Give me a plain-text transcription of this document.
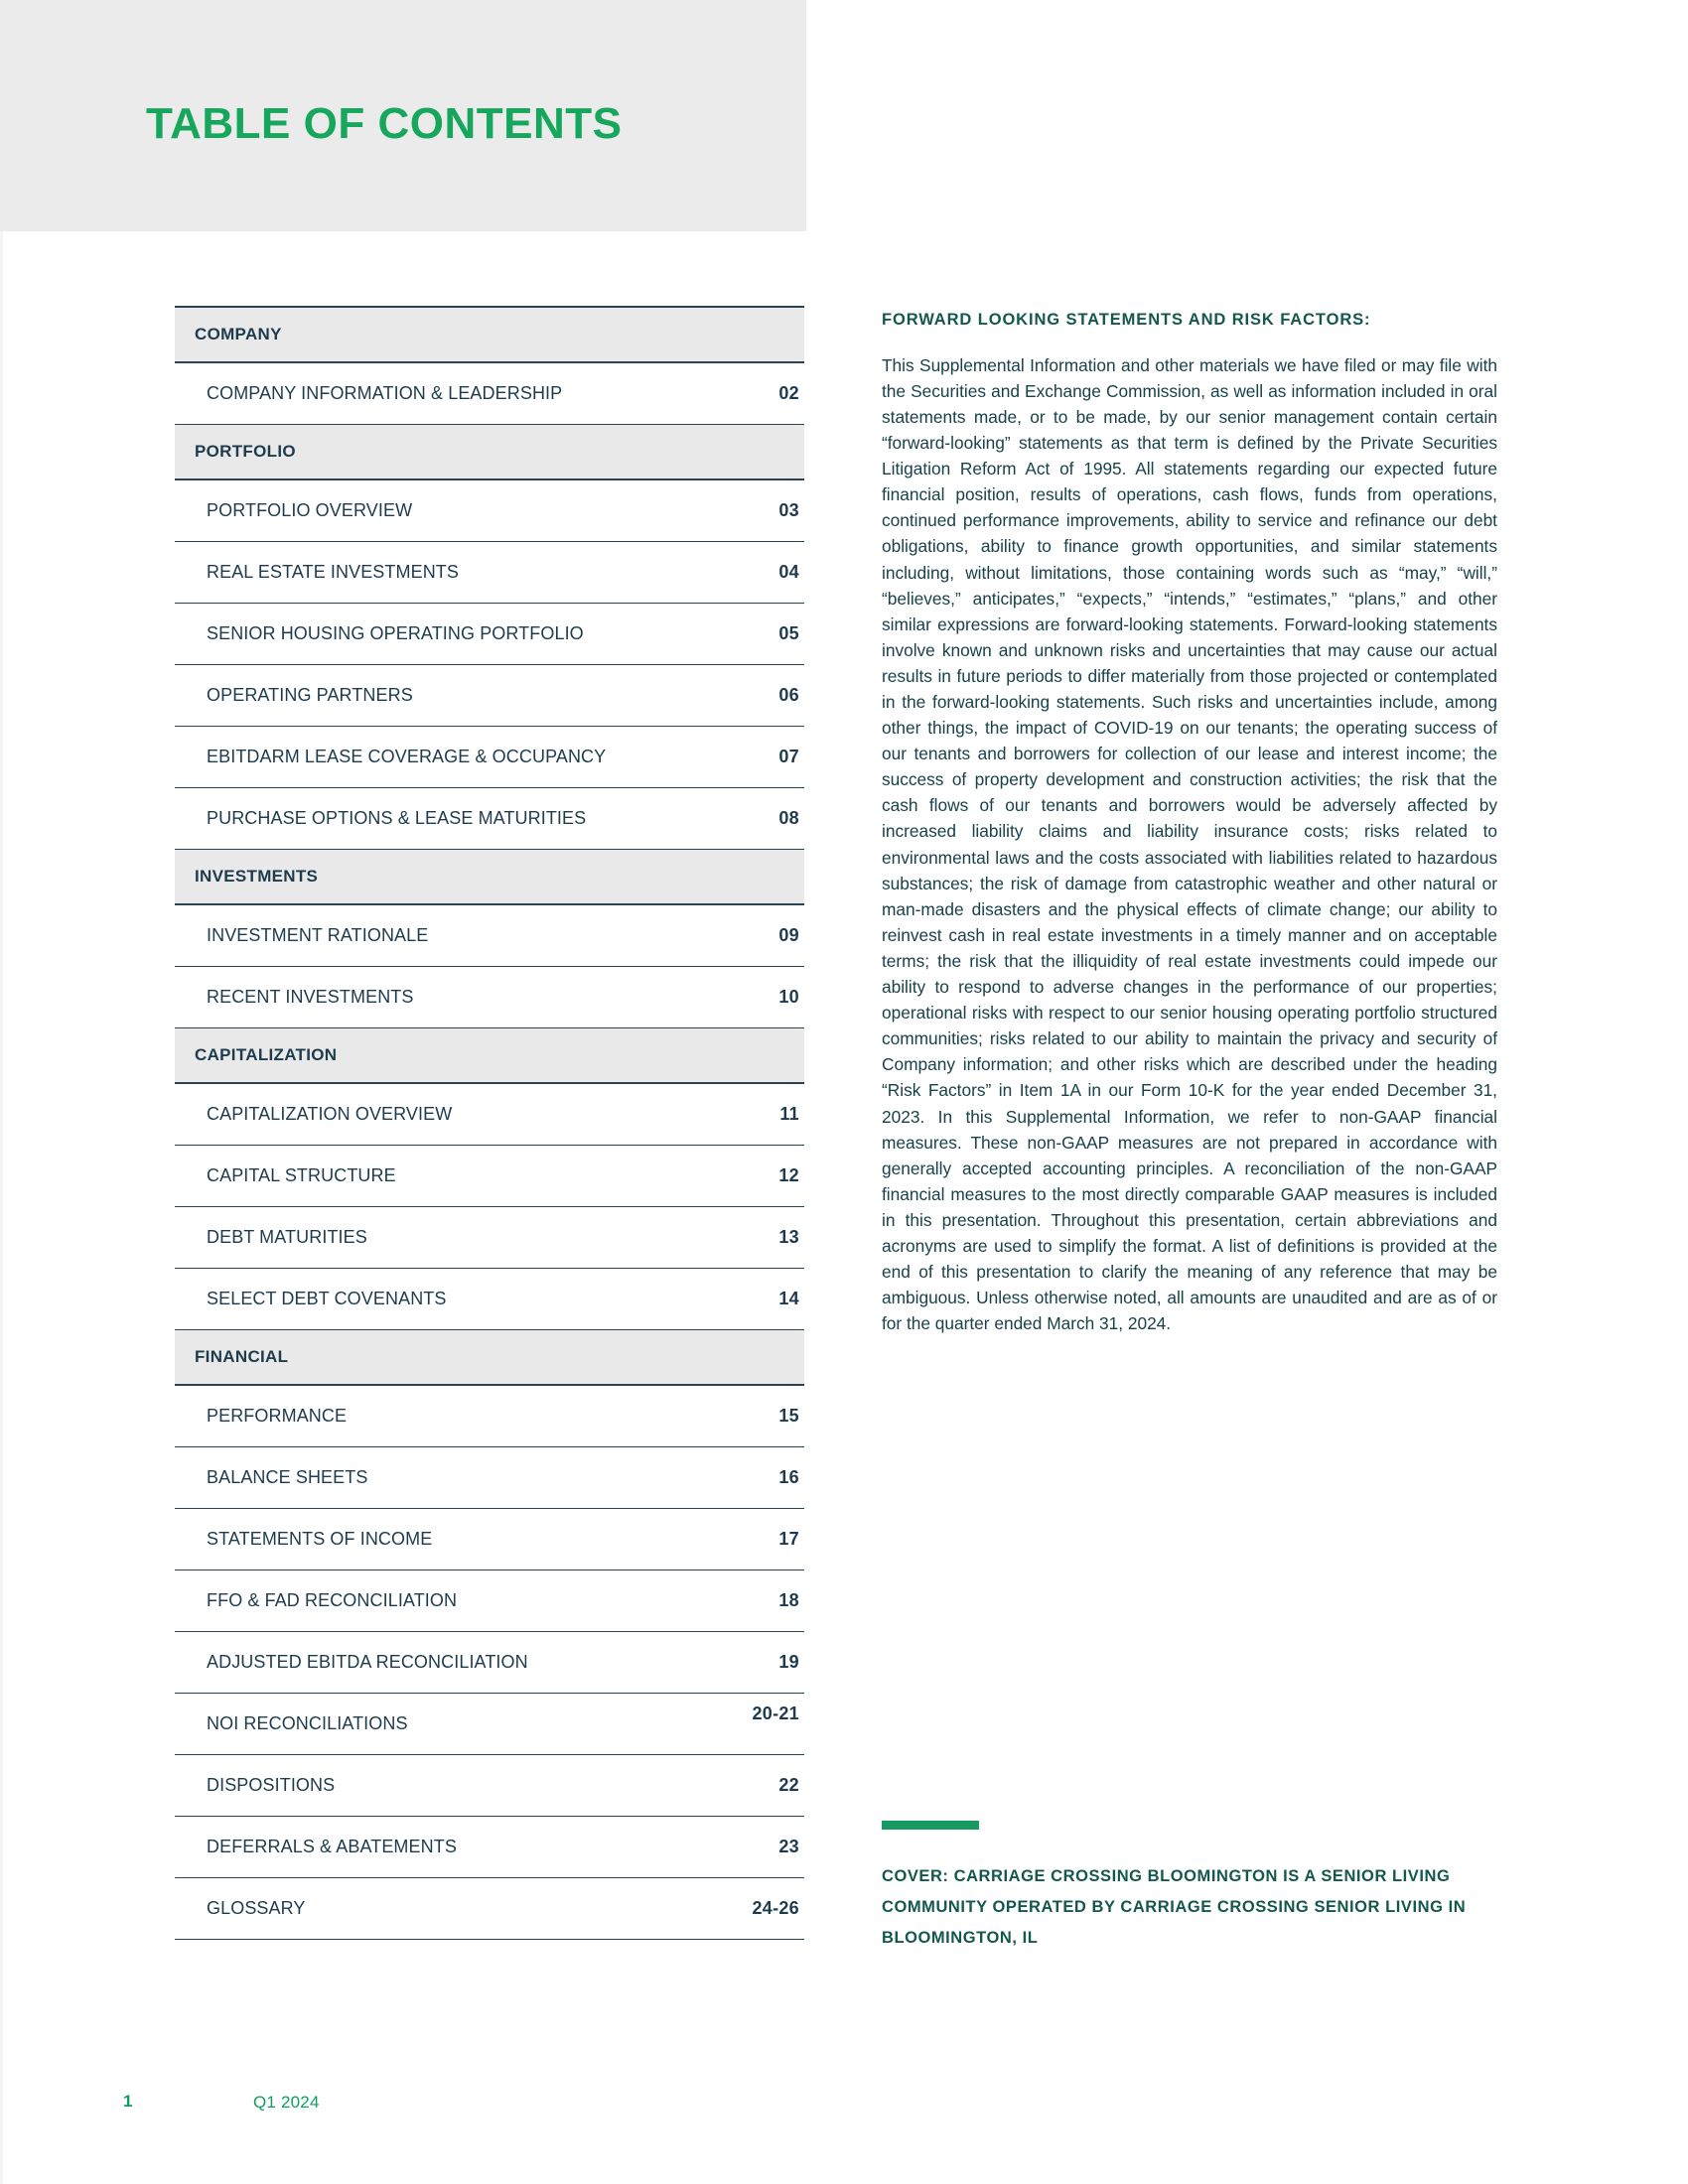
TABLE OF CONTENTS
COMPANY
COMPANY INFORMATION & LEADERSHIP	02
PORTFOLIO
PORTFOLIO OVERVIEW	03
REAL ESTATE INVESTMENTS	04
SENIOR HOUSING OPERATING PORTFOLIO	05
OPERATING PARTNERS	06
EBITDARM LEASE COVERAGE & OCCUPANCY	07
PURCHASE OPTIONS & LEASE MATURITIES	08
INVESTMENTS
INVESTMENT RATIONALE	09
RECENT INVESTMENTS	10
CAPITALIZATION
CAPITALIZATION OVERVIEW	11
CAPITAL STRUCTURE	12
DEBT MATURITIES	13
SELECT DEBT COVENANTS	14
FINANCIAL
PERFORMANCE	15
BALANCE SHEETS	16
STATEMENTS OF INCOME	17
FFO & FAD RECONCILIATION	18
ADJUSTED EBITDA RECONCILIATION	19
NOI RECONCILIATIONS	20-21
DISPOSITIONS	22
DEFERRALS & ABATEMENTS	23
GLOSSARY	24-26
FORWARD LOOKING STATEMENTS AND RISK FACTORS:

This Supplemental Information and other materials we have filed or may file with the Securities and Exchange Commission, as well as information included in oral statements made, or to be made, by our senior management contain certain “forward-looking” statements as that term is defined by the Private Securities Litigation Reform Act of 1995. All statements regarding our expected future financial position, results of operations, cash flows, funds from operations, continued performance improvements, ability to service and refinance our debt obligations, ability to finance growth opportunities, and similar statements including, without limitations, those containing words such as “may,” “will,” “believes,” anticipates,” “expects,” “intends,” “estimates,” “plans,” and other similar expressions are forward-looking statements. Forward-looking statements involve known and unknown risks and uncertainties that may cause our actual results in future periods to differ materially from those projected or contemplated in the forward-looking statements. Such risks and uncertainties include, among other things, the impact of COVID-19 on our tenants; the operating success of our tenants and borrowers for collection of our lease and interest income; the success of property development and construction activities; the risk that the cash flows of our tenants and borrowers would be adversely affected by increased liability claims and liability insurance costs; risks related to environmental laws and the costs associated with liabilities related to hazardous substances; the risk of damage from catastrophic weather and other natural or man-made disasters and the physical effects of climate change; our ability to reinvest cash in real estate investments in a timely manner and on acceptable terms; the risk that the illiquidity of real estate investments could impede our ability to respond to adverse changes in the performance of our properties; operational risks with respect to our senior housing operating portfolio structured communities; risks related to our ability to maintain the privacy and security of Company information; and other risks which are described under the heading “Risk Factors” in Item 1A in our Form 10-K for the year ended December 31, 2023. In this Supplemental Information, we refer to non-GAAP financial measures. These non-GAAP measures are not prepared in accordance with generally accepted accounting principles. A reconciliation of the non-GAAP financial measures to the most directly comparable GAAP measures is included in this presentation. Throughout this presentation, certain abbreviations and acronyms are used to simplify the format. A list of definitions is provided at the end of this presentation to clarify the meaning of any reference that may be ambiguous. Unless otherwise noted, all amounts are unaudited and are as of or for the quarter ended March 31, 2024.

COVER: CARRIAGE CROSSING BLOOMINGTON IS A SENIOR LIVING COMMUNITY OPERATED BY CARRIAGE CROSSING SENIOR LIVING IN BLOOMINGTON, IL
1	Q1 2024
